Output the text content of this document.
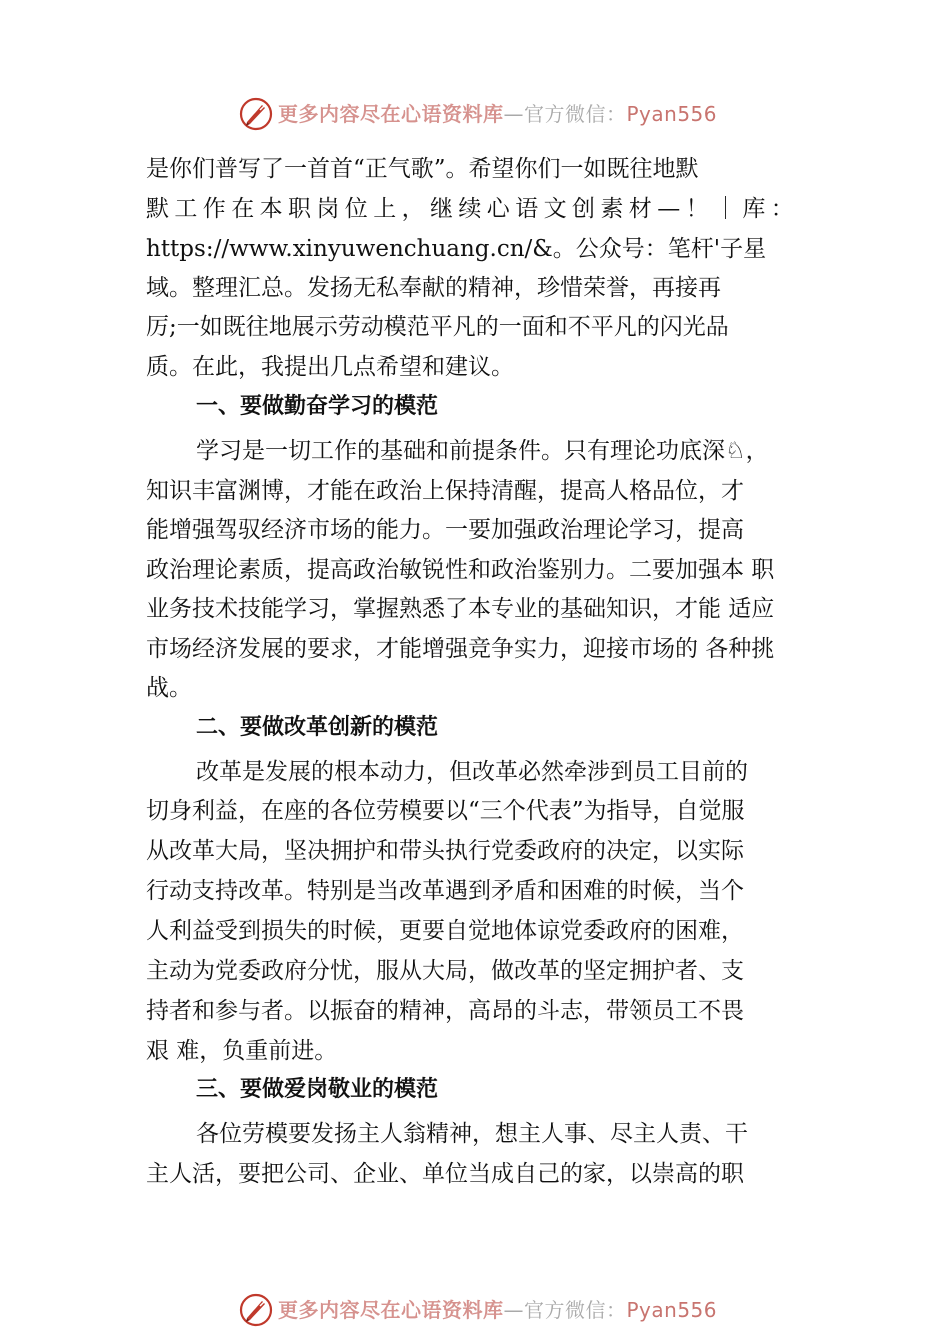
更多内容尽在心语资料库—官方微信：Pyan556
是你们普写了一首首“正气歌”。希望你们一如既往地默
默工作在本职岗位上，继续心语文创素材—！｜库：
https://www.xinyuwenchuang.cn/&。公众号：笔杆'子星
域。整理汇总。发扬无私奉献的精神，珍惜荣誉，再接再
厉;一如既往地展示劳动模范平凡的一面和不平凡的闪光品
质。在此，我提出几点希望和建议。
一、要做勤奋学习的模范
学习是一切工作的基础和前提条件。只有理论功底深♘，
知识丰富渊博，才能在政治上保持清醒，提高人格品位，才
能增强驾驭经济市场的能力。一要加强政治理论学习，提高
政治理论素质，提高政治敏锐性和政治鉴别力。二要加强本 职
业务技术技能学习，掌握熟悉了本专业的基础知识，才能 适应
市场经济发展的要求，才能增强竞争实力，迎接市场的 各种挑
战。
二、要做改革创新的模范
改革是发展的根本动力，但改革必然牵涉到员工目前的
切身利益，在座的各位劳模要以“三个代表”为指导，自觉服
从改革大局，坚决拥护和带头执行党委政府的决定，以实际
行动支持改革。特别是当改革遇到矛盾和困难的时候，当个
人利益受到损失的时候，更要自觉地体谅党委政府的困难，
主动为党委政府分忧，服从大局，做改革的坚定拥护者、支
持者和参与者。以振奋的精神，高昂的斗志，带领员工不畏
艰 难，负重前进。
三、要做爱岗敬业的模范
各位劳模要发扬主人翁精神，想主人事、尽主人责、干
主人活，要把公司、企业、单位当成自己的家，以崇高的职
更多内容尽在心语资料库—官方微信：Pyan556
